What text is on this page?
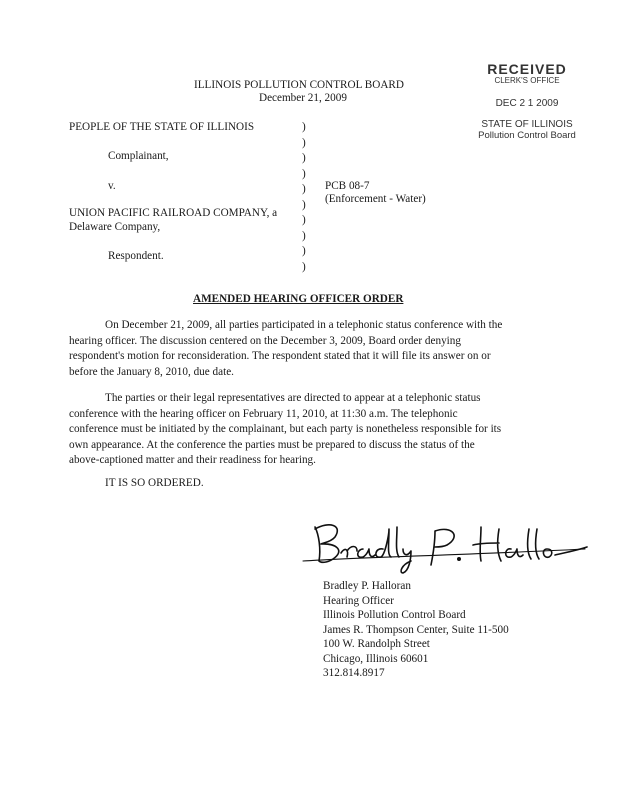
RECEIVED
CLERK'S OFFICE
DEC 2 1 2009
STATE OF ILLINOIS
Pollution Control Board
ILLINOIS POLLUTION CONTROL BOARD
December 21, 2009
PEOPLE OF THE STATE OF ILLINOIS
Complainant,
v.
UNION PACIFIC RAILROAD COMPANY, a
Delaware Company,
Respondent.
)
)
)
)
)
)
)
)
)
)
PCB 08-7
(Enforcement - Water)
AMENDED HEARING OFFICER ORDER
On December 21, 2009, all parties participated in a telephonic status conference with the
hearing officer. The discussion centered on the December 3, 2009, Board order denying
respondent's motion for reconsideration. The respondent stated that it will file its answer on or
before the January 8, 2010, due date.
The parties or their legal representatives are directed to appear at a telephonic status
conference with the hearing officer on February 11, 2010, at 11:30 a.m. The telephonic
conference must be initiated by the complainant, but each party is nonetheless responsible for its
own appearance. At the conference the parties must be prepared to discuss the status of the
above-captioned matter and their readiness for hearing.
IT IS SO ORDERED.
Bradley P. Halloran
Hearing Officer
Illinois Pollution Control Board
James R. Thompson Center, Suite 11-500
100 W. Randolph Street
Chicago, Illinois 60601
312.814.8917
